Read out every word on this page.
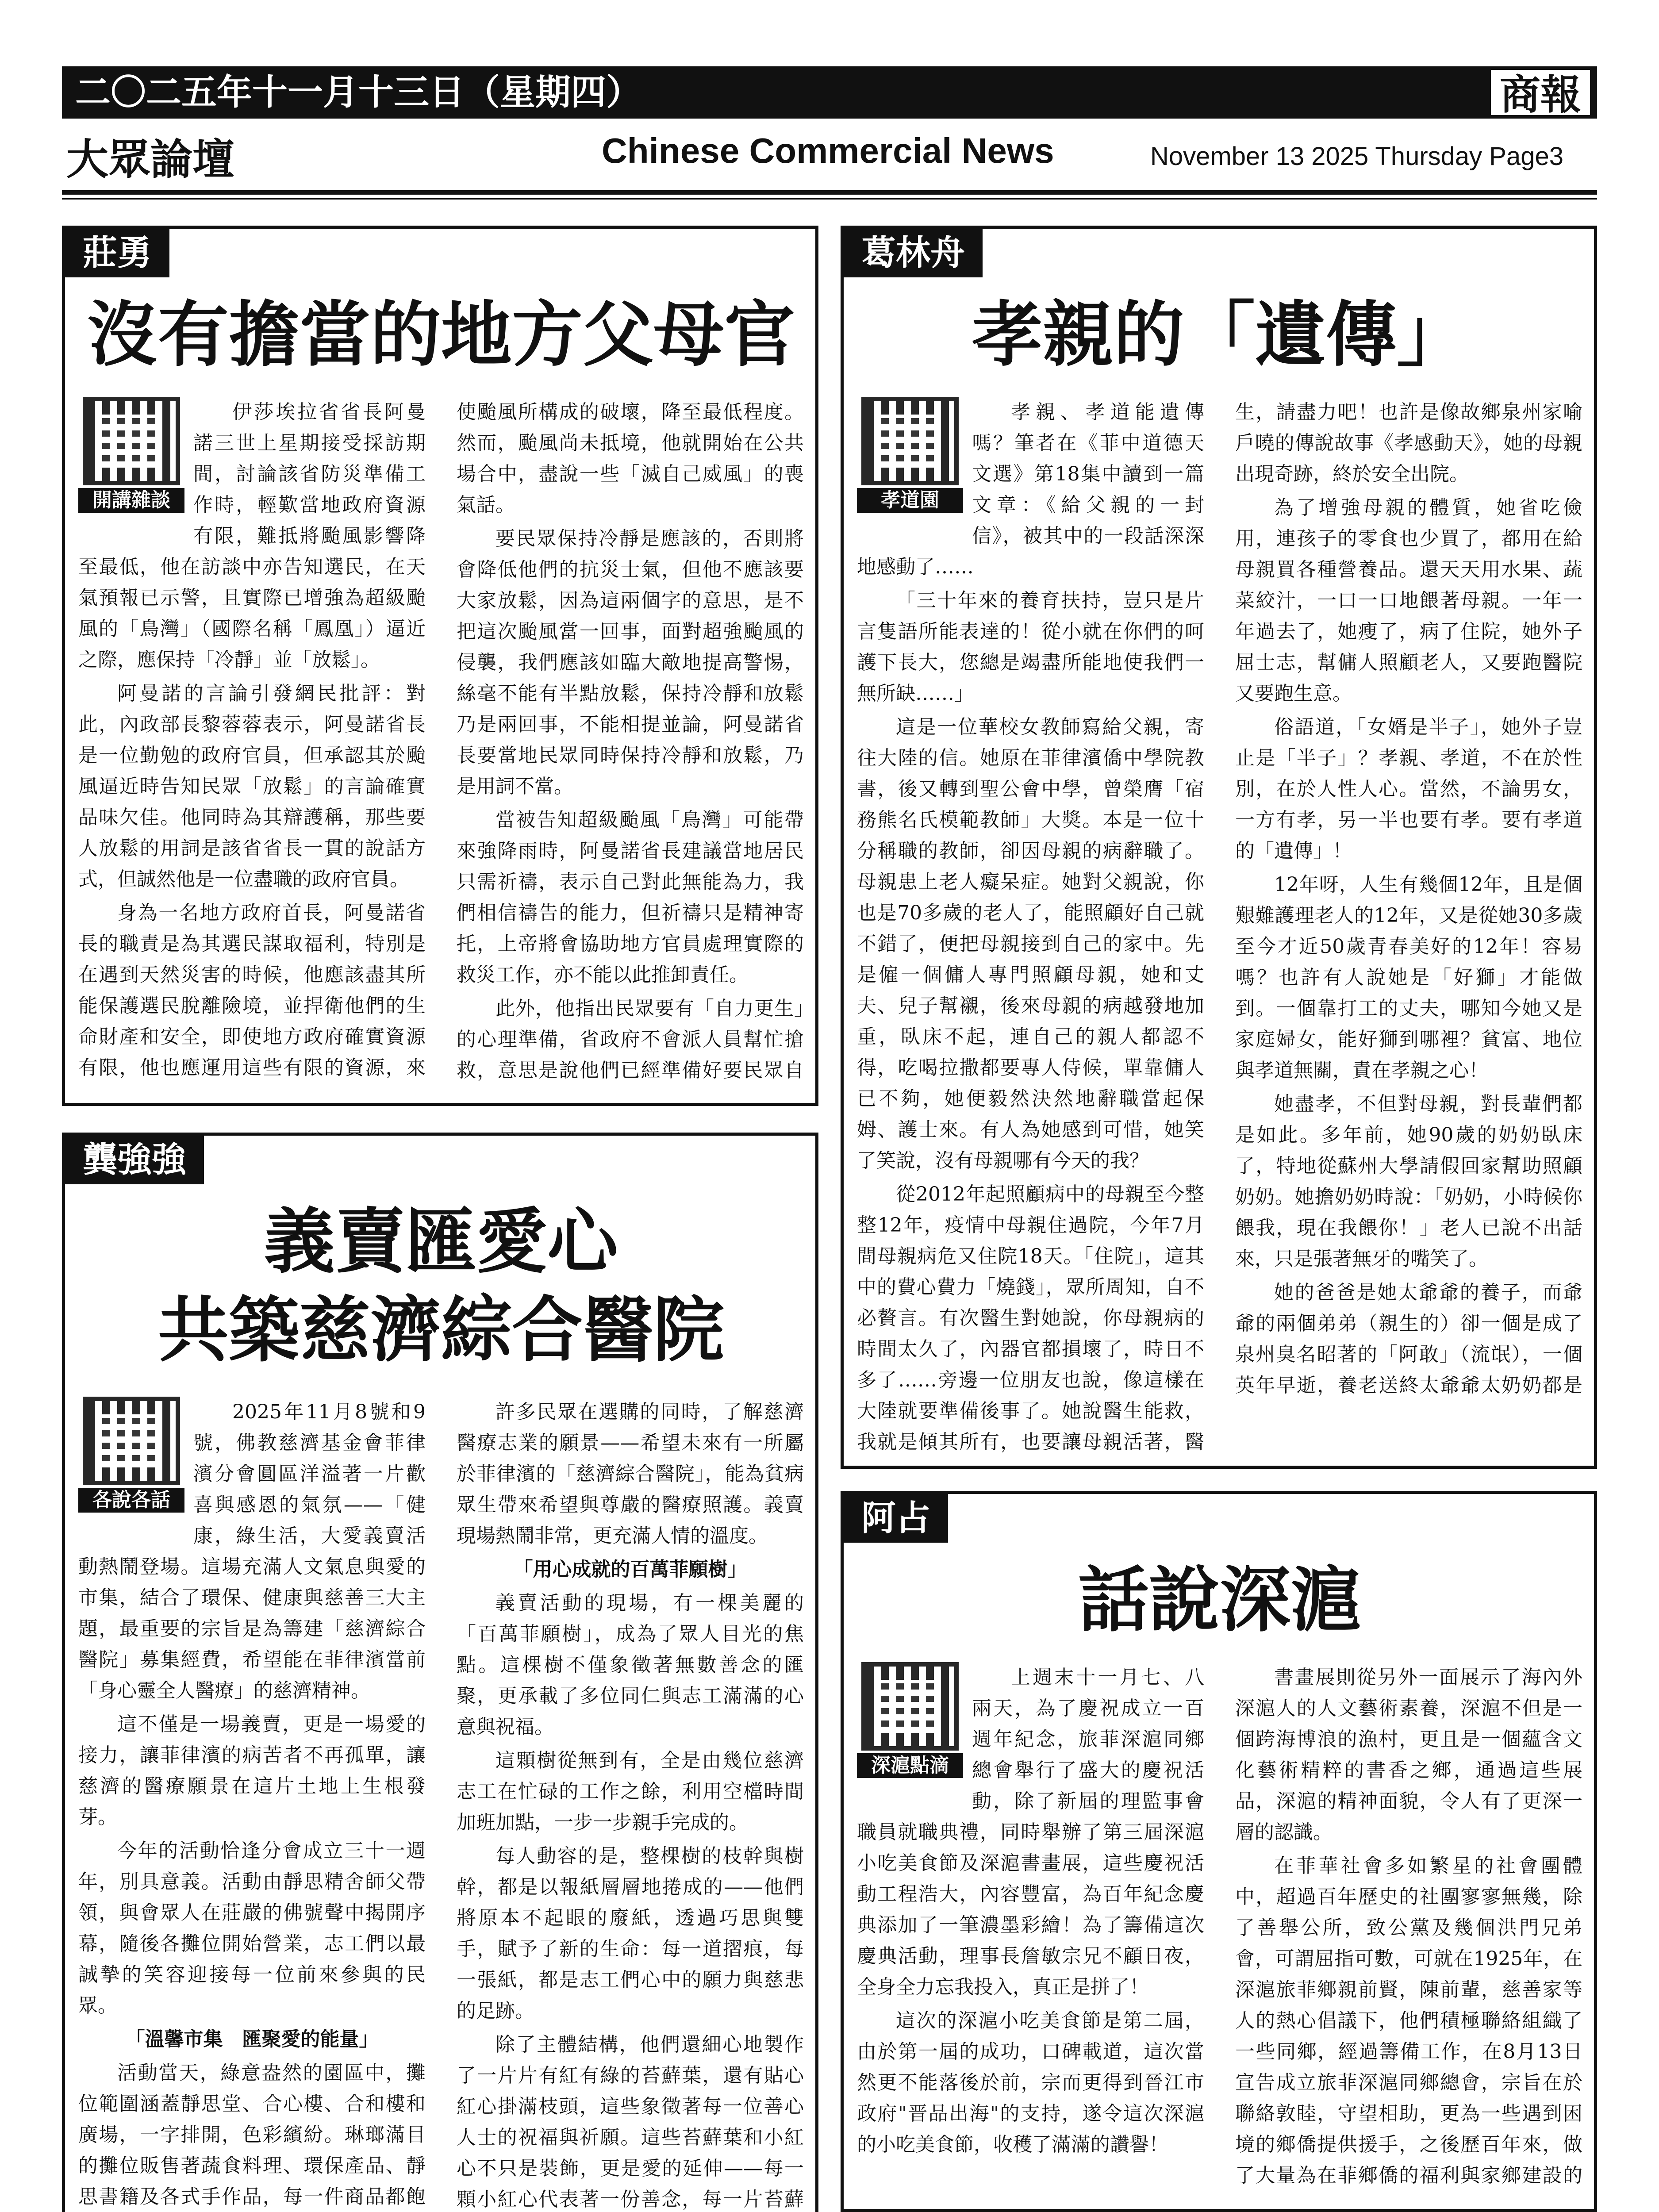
二〇二五年十一月十三日（星期四）	商報
大眾論壇	Chinese Commercial News	November 13 2025 Thursday Page3
莊勇
沒有擔當的地方父母官
開講雜談

伊莎埃拉省省長阿曼諾三世上星期接受採訪期間，討論該省防災準備工作時，輕歎當地政府資源有限，難抵將颱風影響降至最低，他在訪談中亦告知選民，在天氣預報已示警，且實際已增強為超級颱風的「鳥灣」（國際名稱「鳳凰」）逼近之際，應保持「冷靜」並「放鬆」。

阿曼諾的言論引發網民批評：對此，內政部長黎蓉蓉表示，阿曼諾省長是一位勤勉的政府官員，但承認其於颱風逼近時告知民眾「放鬆」的言論確實品味欠佳。他同時為其辯護稱，那些要人放鬆的用詞是該省省長一貫的說話方式，但誠然他是一位盡職的政府官員。

身為一名地方政府首長，阿曼諾省長的職責是為其選民謀取福利，特別是在遇到天然災害的時候，他應該盡其所能保護選民脫離險境，並捍衛他們的生命財產和安全，即使地方政府確實資源有限，他也應運用這些有限的資源，來使颱風所構成的破壞，降至最低程度。然而，颱風尚未抵境，他就開始在公共場合中，盡說一些「滅自己威風」的喪氣話。

要民眾保持冷靜是應該的，否則將會降低他們的抗災士氣，但他不應該要大家放鬆，因為這兩個字的意思，是不把這次颱風當一回事，面對超強颱風的侵襲，我們應該如臨大敵地提高警惕，絲毫不能有半點放鬆，保持冷靜和放鬆乃是兩回事，不能相提並論，阿曼諾省長要當地民眾同時保持冷靜和放鬆，乃是用詞不當。

當被告知超級颱風「鳥灣」可能帶來強降雨時，阿曼諾省長建議當地居民只需祈禱，表示自己對此無能為力，我們相信禱告的能力，但祈禱只是精神寄托，上帝將會協助地方官員處理實際的救災工作，亦不能以此推卸責任。

此外，他指出民眾要有「自力更生」的心理準備，省政府不會派人員幫忙搶救，意思是說他們已經準備好要民眾自

龔強強
義賣匯愛心
共築慈濟綜合醫院
各說各話

2025年11月8號和9號，佛教慈濟基金會菲律濱分會圓區洋溢著一片歡喜與感恩的氣氛——「健康，綠生活，大愛義賣活動熱鬧登場。這場充滿人文氣息與愛的市集，結合了環保、健康與慈善三大主題，最重要的宗旨是為籌建「慈濟綜合醫院」募集經費，希望能在菲律濱當前「身心靈全人醫療」的慈濟精神。

這不僅是一場義賣，更是一場愛的接力，讓菲律濱的病苦者不再孤單，讓慈濟的醫療願景在這片土地上生根發芽。

今年的活動恰逢分會成立三十一週年，別具意義。活動由靜思精舍師父帶領，與會眾人在莊嚴的佛號聲中揭開序幕，隨後各攤位開始營業，志工們以最誠摯的笑容迎接每一位前來參與的民眾。

「溫馨市集　匯聚愛的能量」

活動當天，綠意盎然的園區中，攤位範圍涵蓋靜思堂、合心樓、合和樓和廣場，一字排開，色彩繽紛。琳瑯滿目的攤位販售著蔬食料理、環保產品、靜思書籍及各式手作品，每一件商品都飽

許多民眾在選購的同時，了解慈濟醫療志業的願景——希望未來有一所屬於菲律濱的「慈濟綜合醫院」，能為貧病眾生帶來希望與尊嚴的醫療照護。義賣現場熱鬧非常，更充滿人情的溫度。

「用心成就的百萬菲願樹」

義賣活動的現場，有一棵美麗的「百萬菲願樹」，成為了眾人目光的焦點。這棵樹不僅象徵著無數善念的匯聚，更承載了多位同仁與志工滿滿的心意與祝福。

這顆樹從無到有，全是由幾位慈濟志工在忙碌的工作之餘，利用空檔時間加班加點，一步一步親手完成的。

每人動容的是，整棵樹的枝幹與樹幹，都是以報紙層層地捲成的——他們將原本不起眼的廢紙，透過巧思與雙手，賦予了新的生命：每一道摺痕，每一張紙，都是志工們心中的願力與慈悲的足跡。

除了主體結構，他們還細心地製作了一片片有紅有綠的苔蘚葉，還有貼心紅心掛滿枝頭，這些象徵著每一位善心人士的祝福與祈願。這些苔蘚葉和小紅心不只是裝飾，更是愛的延伸——每一顆小紅心代表著一份善念，每一片苔蘚

葛林舟
孝親的「遺傳」
孝道園

孝親、孝道能遺傳嗎？筆者在《菲中道德天文選》第18集中讀到一篇文章：《給父親的一封信》，被其中的一段話深深地感動了……

「三十年來的養育扶持，豈只是片言隻語所能表達的！從小就在你們的呵護下長大，您總是竭盡所能地使我們一無所缺……」

這是一位華校女教師寫給父親，寄往大陸的信。她原在菲律濱僑中學院教書，後又轉到聖公會中學，曾榮膺「宿務熊名氏模範教師」大獎。本是一位十分稱職的教師，卻因母親的病辭職了。母親患上老人癡呆症。她對父親說，你也是70多歲的老人了，能照顧好自己就不錯了，便把母親接到自己的家中。先是僱一個傭人專門照顧母親，她和丈夫、兒子幫襯，後來母親的病越發地加重，臥床不起，連自己的親人都認不得，吃喝拉撒都要專人侍候，單靠傭人已不夠，她便毅然決然地辭職當起保姆、護士來。有人為她感到可惜，她笑了笑說，沒有母親哪有今天的我？

從2012年起照顧病中的母親至今整整12年，疫情中母親住過院，今年7月間母親病危又住院18天。「住院」，這其中的費心費力「燒錢」，眾所周知，自不必贅言。有次醫生對她說，你母親病的時間太久了，內器官都損壞了，時日不多了……旁邊一位朋友也說，像這樣在大陸就要準備後事了。她說醫生能救，我就是傾其所有，也要讓母親活著，醫生，請盡力吧！也許是像故鄉泉州家喻戶曉的傳說故事《孝感動天》，她的母親出現奇跡，終於安全出院。

為了增強母親的體質，她省吃儉用，連孩子的零食也少買了，都用在給母親買各種營養品。還天天用水果、蔬菜絞汁，一口一口地餵著母親。一年一年過去了，她瘦了，病了住院，她外子屈士志，幫傭人照顧老人，又要跑醫院又要跑生意。

俗語道，「女婿是半子」，她外子豈止是「半子」？孝親、孝道，不在於性別，在於人性人心。當然，不論男女，一方有孝，另一半也要有孝。要有孝道的「遺傳」！

12年呀，人生有幾個12年，且是個艱難護理老人的12年，又是從她30多歲至今才近50歲青春美好的12年！容易嗎？也許有人說她是「好獅」才能做到。一個靠打工的丈夫，哪知今她又是家庭婦女，能好獅到哪裡？貧富、地位與孝道無關，責在孝親之心！

她盡孝，不但對母親，對長輩們都是如此。多年前，她90歲的奶奶臥床了，特地從蘇州大學請假回家幫助照顧奶奶。她擔奶奶時說：「奶奶，小時候你餵我，現在我餵你！」老人已說不出話來，只是張著無牙的嘴笑了。

她的爸爸是她太爺爺的養子，而爺爺的兩個弟弟（親生的）卻一個是成了泉州臭名昭著的「阿敢」（流氓），一個英年早逝，養老送終太爺爺太奶奶都是

阿占
話說深滬
深滬點滴

上週末十一月七、八兩天，為了慶祝成立一百週年紀念，旅菲深滬同鄉總會舉行了盛大的慶祝活動，除了新屆的理監事會職員就職典禮，同時舉辦了第三屆深滬小吃美食節及深滬書畫展，這些慶祝活動工程浩大，內容豐富，為百年紀念慶典添加了一筆濃墨彩繪！為了籌備這次慶典活動，理事長詹敏宗兄不顧日夜，全身全力忘我投入，真正是拼了！

這次的深滬小吃美食節是第二屆，由於第一屆的成功，口碑載道，這次當然更不能落後於前，宗而更得到晉江市政府"晋品出海"的支持，遂令這次深滬的小吃美食節，收穫了滿滿的讚譽！

書畫展則從另外一面展示了海內外深滬人的人文藝術素養，深滬不但是一個跨海博浪的漁村，更且是一個蘊含文化藝術精粹的書香之鄉，通過這些展品，深滬的精神面貌，令人有了更深一層的認識。

在菲華社會多如繁星的社會團體中，超過百年歷史的社團寥寥無幾，除了善舉公所，致公黨及幾個洪門兄弟會，可謂屈指可數，可就在1925年，在深滬旅菲鄉親前賢，陳前輩，慈善家等人的熱心倡議下，他們積極聯絡組織了一些同鄉，經過籌備工作，在8月13日宣告成立旅菲深滬同鄉總會，宗旨在於聯絡敦睦，守望相助，更為一些遇到困境的鄉僑提供援手，之後歷百年來，做了大量為在菲鄉僑的福利與家鄉建設的
